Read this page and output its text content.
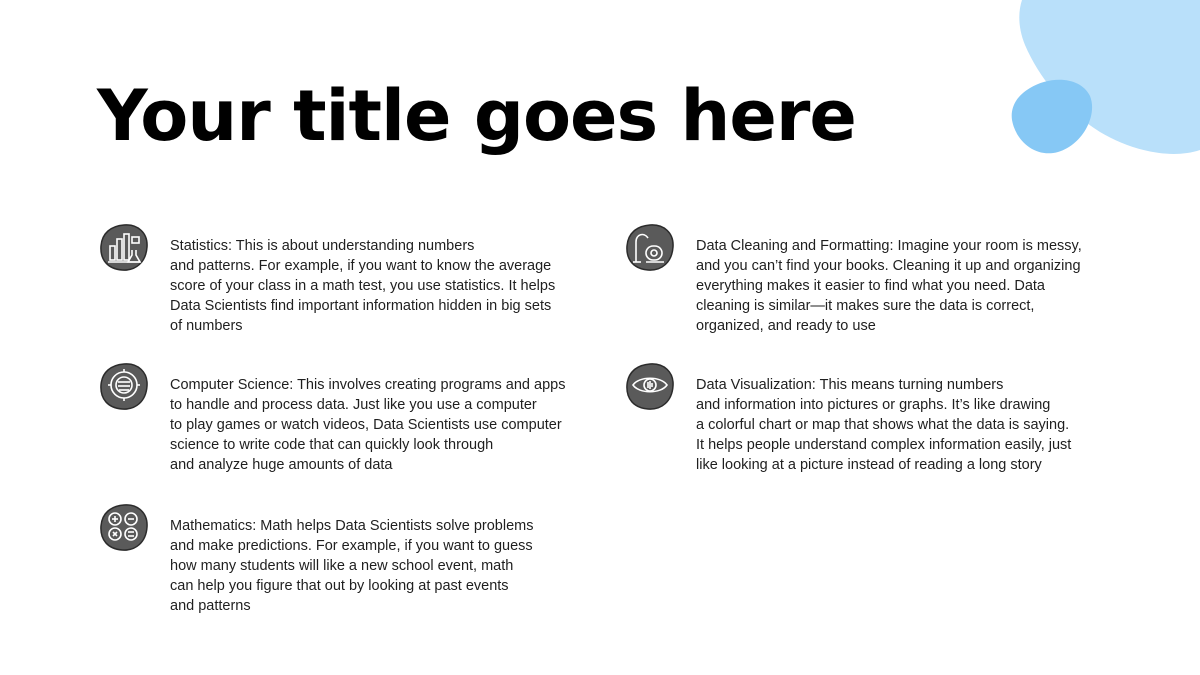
Your title goes here

Statistics: This is about understanding numbers
and patterns. For example, if you want to know the average
score of your class in a math test, you use statistics. It helps
Data Scientists find important information hidden in big sets
of numbers

Computer Science: This involves creating programs and apps
to handle and process data. Just like you use a computer
to play games or watch videos, Data Scientists use computer
science to write code that can quickly look through
and analyze huge amounts of data

Mathematics: Math helps Data Scientists solve problems
and make predictions. For example, if you want to guess
how many students will like a new school event, math
can help you figure that out by looking at past events
and patterns

Data Cleaning and Formatting: Imagine your room is messy,
and you can’t find your books. Cleaning it up and organizing
everything makes it easier to find what you need. Data
cleaning is similar—it makes sure the data is correct,
organized, and ready to use

Data Visualization: This means turning numbers
and information into pictures or graphs. It’s like drawing
a colorful chart or map that shows what the data is saying.
It helps people understand complex information easily, just
like looking at a picture instead of reading a long story
